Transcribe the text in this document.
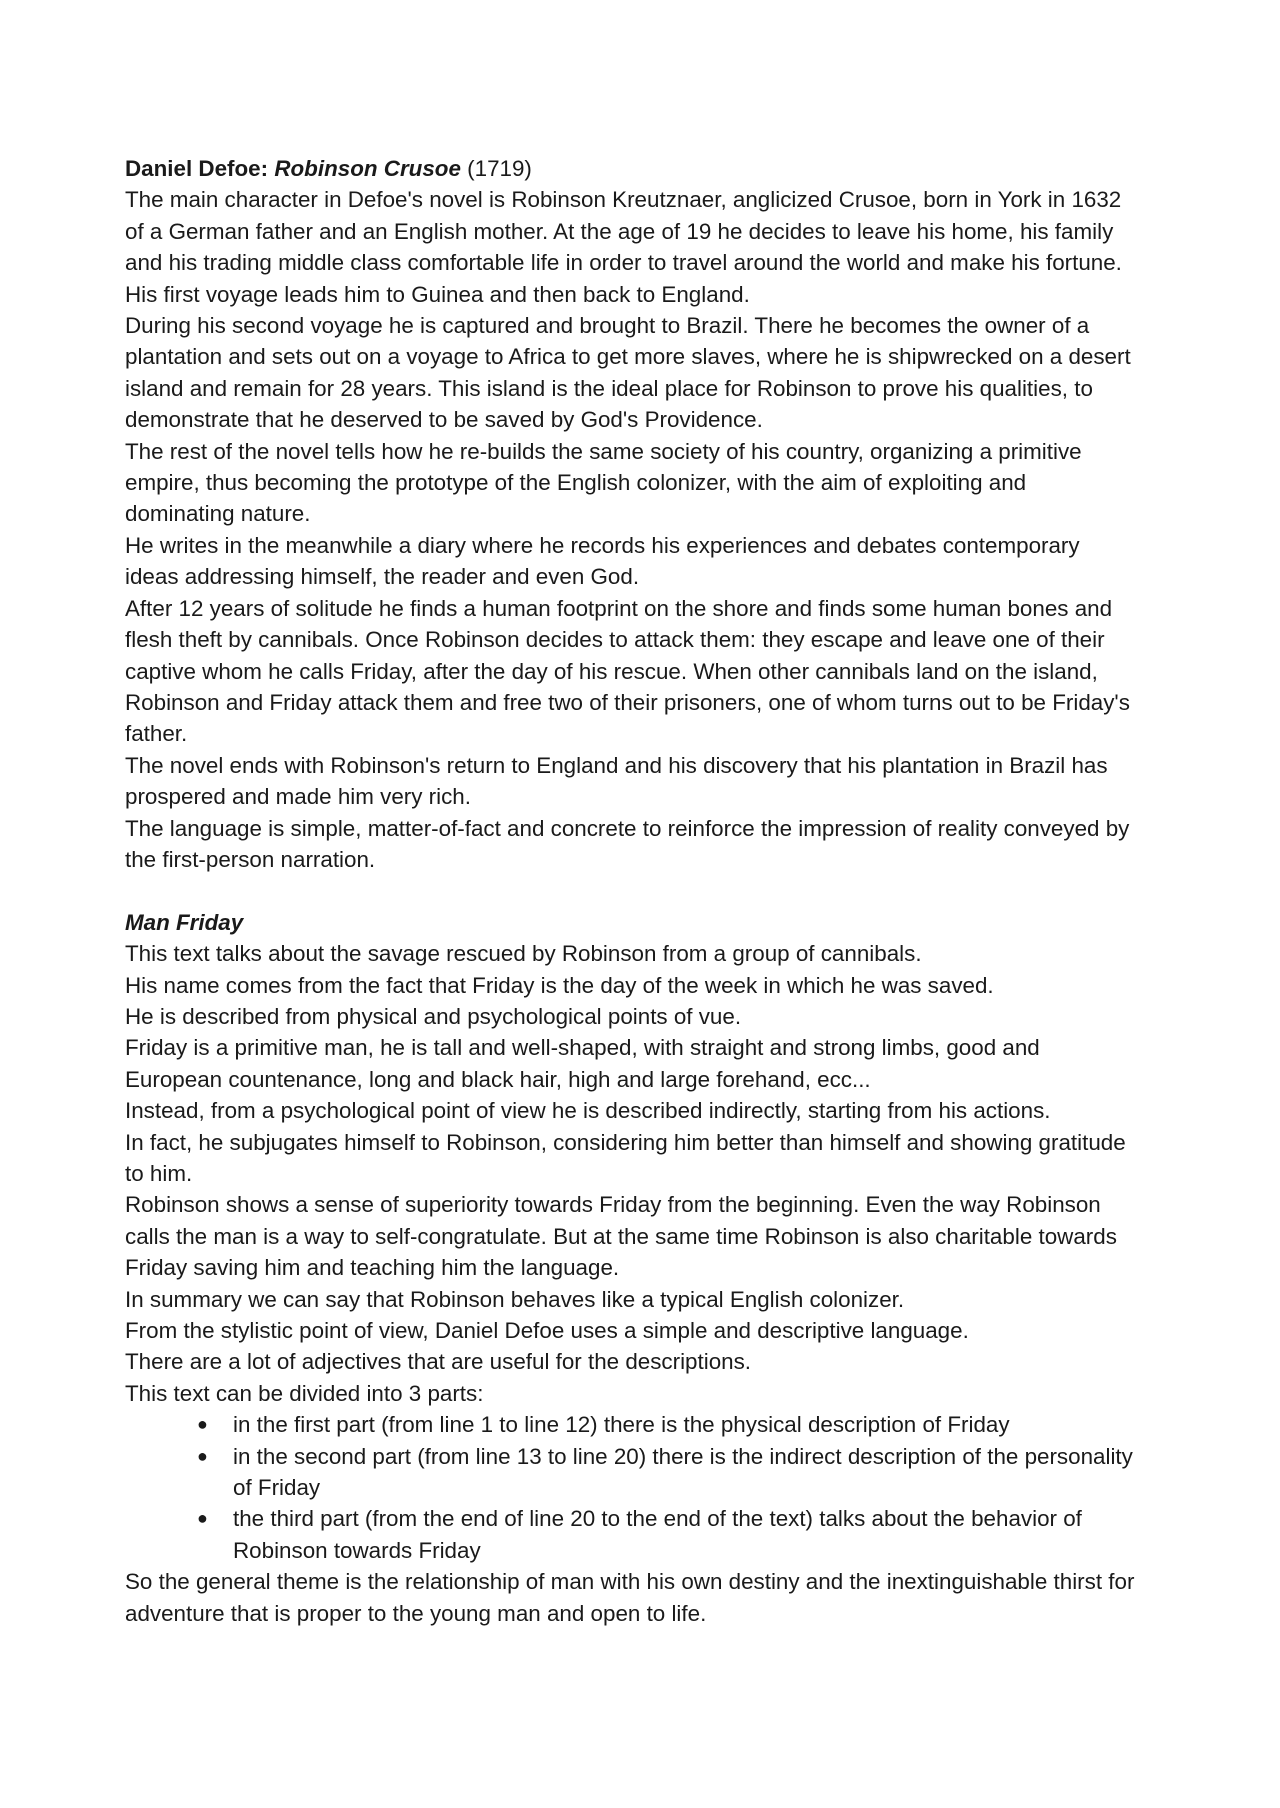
Daniel Defoe: Robinson Crusoe (1719)

The main character in Defoe's novel is Robinson Kreutznaer, anglicized Crusoe, born in York in 1632 of a German father and an English mother. At the age of 19 he decides to leave his home, his family and his trading middle class comfortable life in order to travel around the world and make his fortune.

His first voyage leads him to Guinea and then back to England.

During his second voyage he is captured and brought to Brazil. There he becomes the owner of a plantation and sets out on a voyage to Africa to get more slaves, where he is shipwrecked on a desert island and remain for 28 years. This island is the ideal place for Robinson to prove his qualities, to demonstrate that he deserved to be saved by God's Providence.

The rest of the novel tells how he re-builds the same society of his country, organizing a primitive empire, thus becoming the prototype of the English colonizer, with the aim of exploiting and dominating nature.

He writes in the meanwhile a diary where he records his experiences and debates contemporary ideas addressing himself, the reader and even God.

After 12 years of solitude he finds a human footprint on the shore and finds some human bones and flesh theft by cannibals. Once Robinson decides to attack them: they escape and leave one of their captive whom he calls Friday, after the day of his rescue. When other cannibals land on the island, Robinson and Friday attack them and free two of their prisoners, one of whom turns out to be Friday's father.

The novel ends with Robinson's return to England and his discovery that his plantation in Brazil has prospered and made him very rich.

The language is simple, matter-of-fact and concrete to reinforce the impression of reality conveyed by the first-person narration.

Man Friday

This text talks about the savage rescued by Robinson from a group of cannibals.

His name comes from the fact that Friday is the day of the week in which he was saved.

He is described from physical and psychological points of vue.

Friday is a primitive man, he is tall and well-shaped, with straight and strong limbs, good and European countenance, long and black hair, high and large forehand, ecc...

Instead, from a psychological point of view he is described indirectly, starting from his actions.

In fact, he subjugates himself to Robinson, considering him better than himself and showing gratitude to him.

Robinson shows a sense of superiority towards Friday from the beginning. Even the way Robinson calls the man is a way to self-congratulate. But at the same time Robinson is also charitable towards Friday saving him and teaching him the language.

In summary we can say that Robinson behaves like a typical English colonizer.

From the stylistic point of view, Daniel Defoe uses a simple and descriptive language.

There are a lot of adjectives that are useful for the descriptions.

This text can be divided into 3 parts:

● in the first part (from line 1 to line 12) there is the physical description of Friday
● in the second part (from line 13 to line 20) there is the indirect description of the personality of Friday
● the third part (from the end of line 20 to the end of the text) talks about the behavior of Robinson towards Friday

So the general theme is the relationship of man with his own destiny and the inextinguishable thirst for adventure that is proper to the young man and open to life.
